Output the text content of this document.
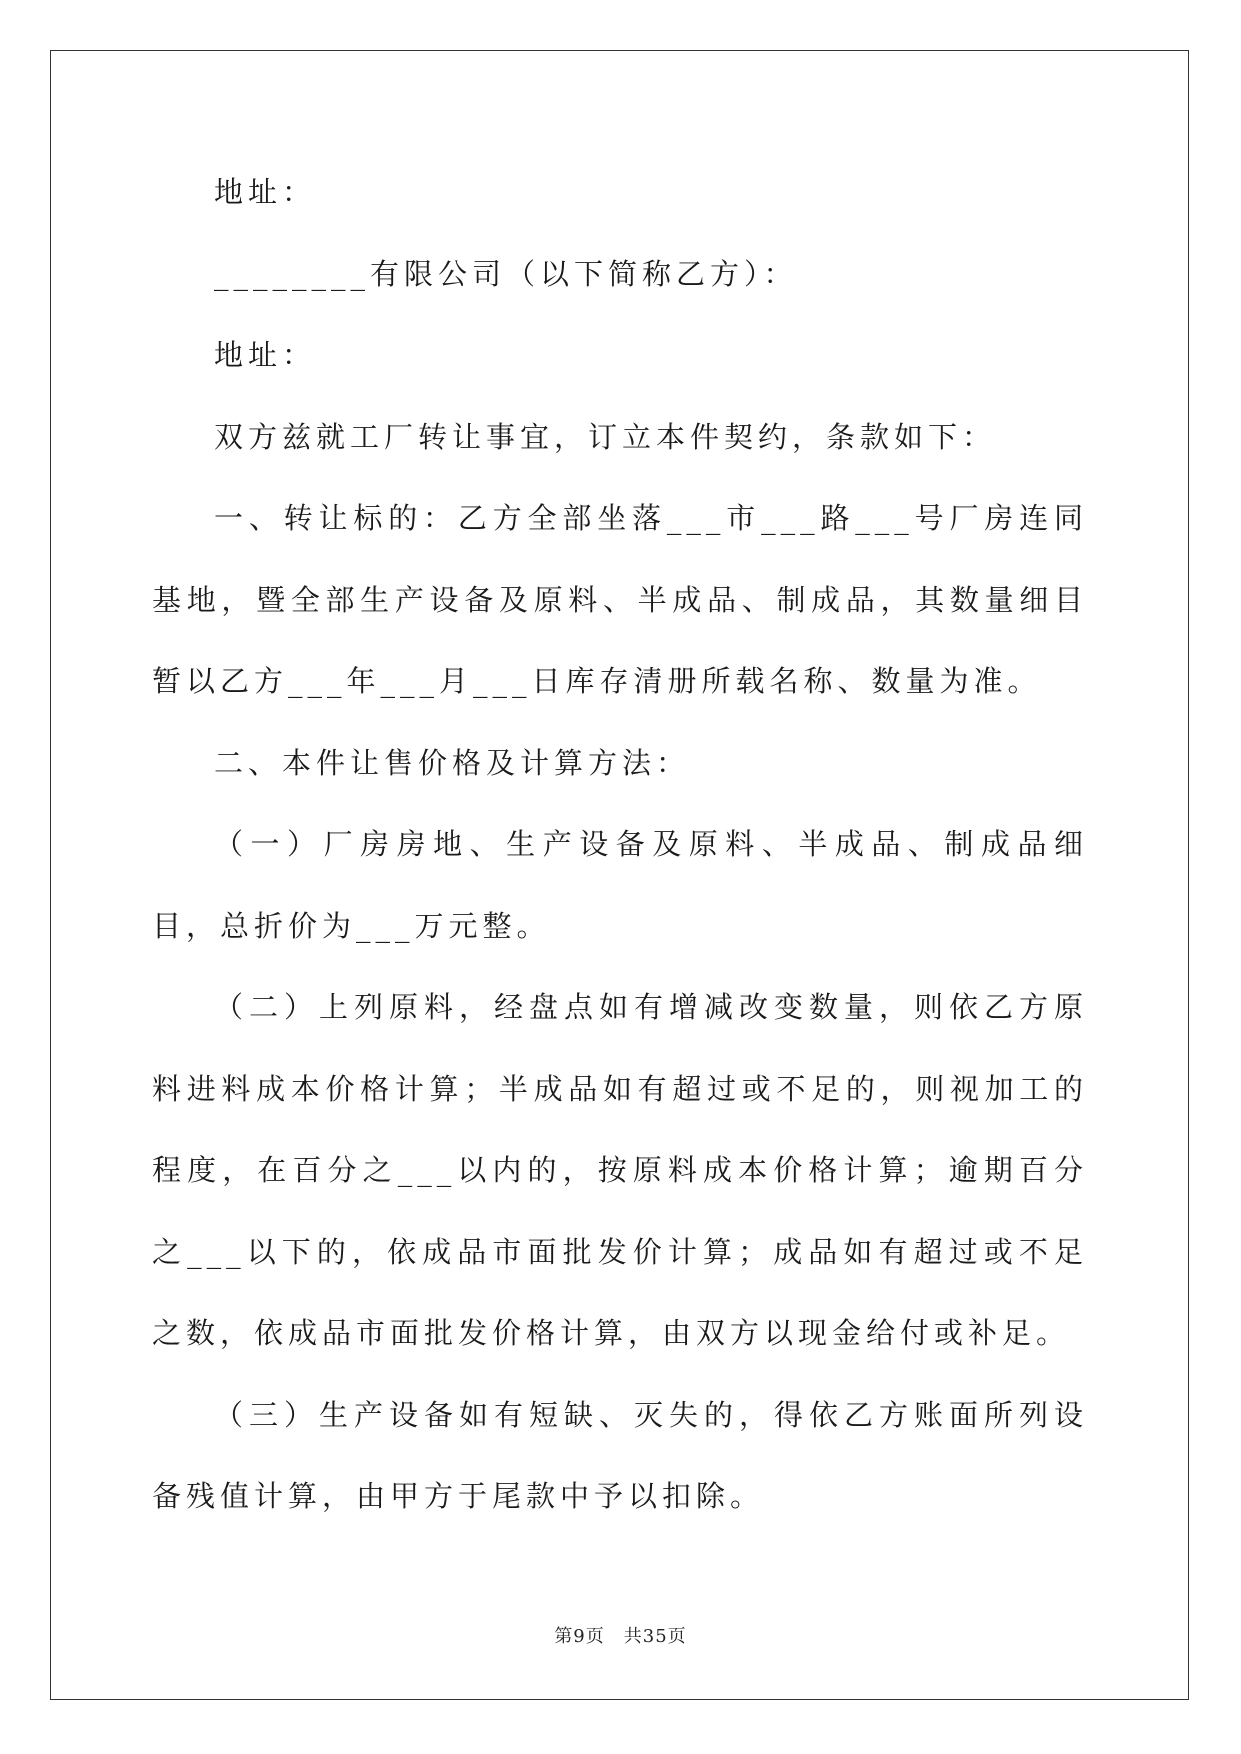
地址：

________有限公司（以下简称乙方）：

地址：

双方兹就工厂转让事宜，订立本件契约，条款如下：

一、转让标的：乙方全部坐落___市___路___号厂房连同基地，暨全部生产设备及原料、半成品、制成品，其数量细目暂以乙方___年___月___日库存清册所载名称、数量为准。

二、本件让售价格及计算方法：

（一）厂房房地、生产设备及原料、半成品、制成品细目，总折价为___万元整。

（二）上列原料，经盘点如有增减改变数量，则依乙方原料进料成本价格计算；半成品如有超过或不足的，则视加工的程度，在百分之___以内的，按原料成本价格计算；逾期百分之___以下的，依成品市面批发价计算；成品如有超过或不足之数，依成品市面批发价格计算，由双方以现金给付或补足。

（三）生产设备如有短缺、灭失的，得依乙方账面所列设备残值计算，由甲方于尾款中予以扣除。

第9页　共35页
